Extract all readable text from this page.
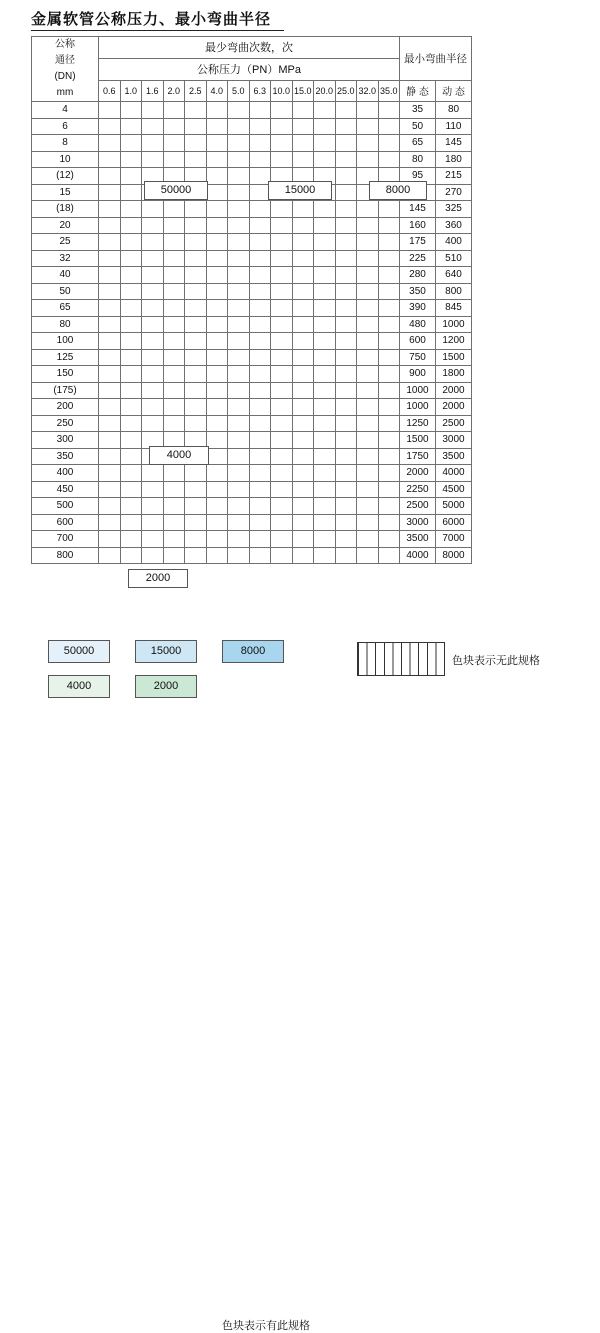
金属软管公称压力、最小弯曲半径
公称
通径
(DN)
mm	最少弯曲次数，次														最小弯曲半径	
	公称压力（PN）MPa															
	0.6	1.0	1.6	2.0	2.5	4.0	5.0	6.3	10.0	15.0	20.0	25.0	32.0	35.0	静 态	动 态
4															35	80
6															50	110
8															65	145
10															80	180
(12)															95	215
15																270
(18)															145	325
20															160	360
25															175	400
32															225	510
40															280	640
50															350	800
65															390	845
80															480	1000
100															600	1200
125															750	1500
150															900	1800
(175)															1000	2000
200															1000	2000
250															1250	2500
300															1500	3000
350															1750	3500
400															2000	4000
450															2250	4500
500															2500	5000
600															3000	6000
700															3500	7000
800															4000	8000
50000	15000	8000
4000
2000
50000	15000	8000
4000	2000
色块表示有此规格
色块表示无此规格
